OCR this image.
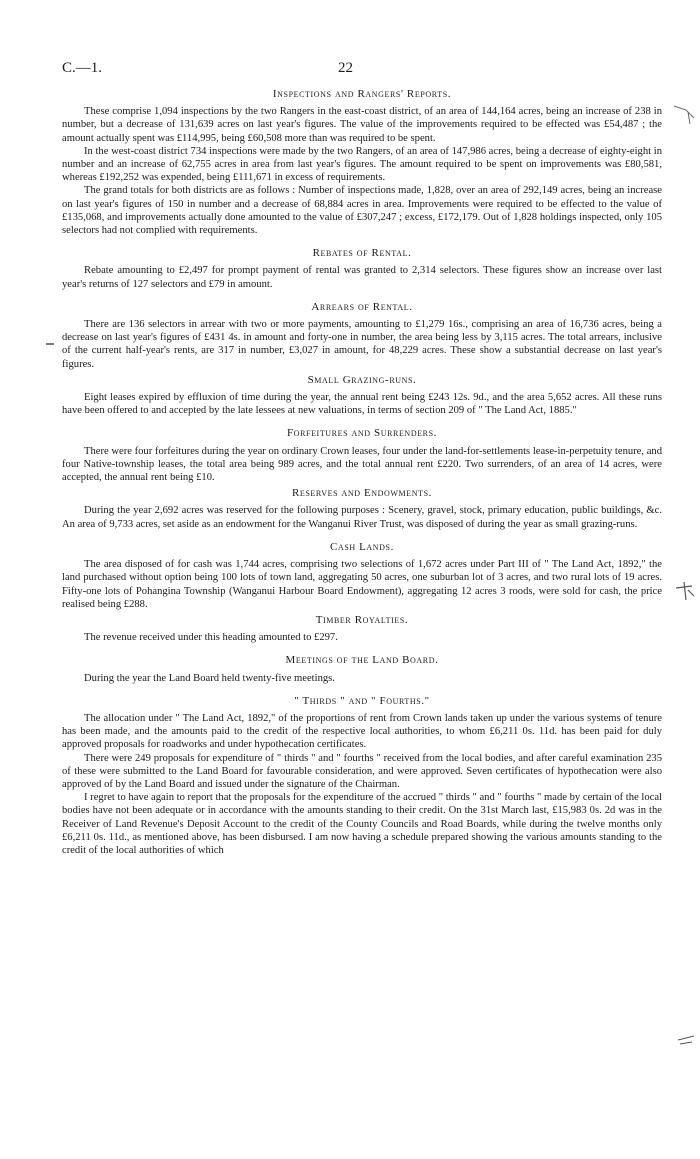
C.—1.	22
Inspections and Rangers' Reports.

These comprise 1,094 inspections by the two Rangers in the east-coast district, of an area of 144,164 acres, being an increase of 238 in number, but a decrease of 131,639 acres on last year's figures. The value of the improvements required to be effected was £54,487 ; the amount actually spent was £114,995, being £60,508 more than was required to be spent.

In the west-coast district 734 inspections were made by the two Rangers, of an area of 147,986 acres, being a decrease of eighty-eight in number and an increase of 62,755 acres in area from last year's figures. The amount required to be spent on improvements was £80,581, whereas £192,252 was expended, being £111,671 in excess of requirements.

The grand totals for both districts are as follows : Number of inspections made, 1,828, over an area of 292,149 acres, being an increase on last year's figures of 150 in number and a decrease of 68,884 acres in area. Improvements were required to be effected to the value of £135,068, and improvements actually done amounted to the value of £307,247 ; excess, £172,179. Out of 1,828 holdings inspected, only 105 selectors had not complied with requirements.

Rebates of Rental.

Rebate amounting to £2,497 for prompt payment of rental was granted to 2,314 selectors. These figures show an increase over last year's returns of 127 selectors and £79 in amount.

Arrears of Rental.

There are 136 selectors in arrear with two or more payments, amounting to £1,279 16s., comprising an area of 16,736 acres, being a decrease on last year's figures of £431 4s. in amount and forty-one in number, the area being less by 3,115 acres. The total arrears, inclusive of the current half-year's rents, are 317 in number, £3,027 in amount, for 48,229 acres. These show a substantial decrease on last year's figures.

Small Grazing-runs.

Eight leases expired by effluxion of time during the year, the annual rent being £243 12s. 9d., and the area 5,652 acres. All these runs have been offered to and accepted by the late lessees at new valuations, in terms of section 209 of " The Land Act, 1885."

Forfeitures and Surrenders.

There were four forfeitures during the year on ordinary Crown leases, four under the land-for-settlements lease-in-perpetuity tenure, and four Native-township leases, the total area being 989 acres, and the total annual rent £220. Two surrenders, of an area of 14 acres, were accepted, the annual rent being £10.

Reserves and Endowments.

During the year 2,692 acres was reserved for the following purposes : Scenery, gravel, stock, primary education, public buildings, &c. An area of 9,733 acres, set aside as an endowment for the Wanganui River Trust, was disposed of during the year as small grazing-runs.

Cash Lands.

The area disposed of for cash was 1,744 acres, comprising two selections of 1,672 acres under Part III of " The Land Act, 1892," the land purchased without option being 100 lots of town land, aggregating 50 acres, one suburban lot of 3 acres, and two rural lots of 19 acres. Fifty-one lots of Pohangina Township (Wanganui Harbour Board Endowment), aggregating 12 acres 3 roods, were sold for cash, the price realised being £288.

Timber Royalties.

The revenue received under this heading amounted to £297.

Meetings of the Land Board.

During the year the Land Board held twenty-five meetings.

" Thirds " and " Fourths."

The allocation under " The Land Act, 1892," of the proportions of rent from Crown lands taken up under the various systems of tenure has been made, and the amounts paid to the credit of the respective local authorities, to whom £6,211 0s. 11d. has been paid for duly approved proposals for roadworks and under hypothecation certificates.

There were 249 proposals for expenditure of " thirds " and " fourths " received from the local bodies, and after careful examination 235 of these were submitted to the Land Board for favourable consideration, and were approved. Seven certificates of hypothecation were also approved of by the Land Board and issued under the signature of the Chairman.

I regret to have again to report that the proposals for the expenditure of the accrued " thirds " and " fourths " made by certain of the local bodies have not been adequate or in accordance with the amounts standing to their credit. On the 31st March last, £15,983 0s. 2d was in the Receiver of Land Revenue's Deposit Account to the credit of the County Councils and Road Boards, while during the twelve months only £6,211 0s. 11d., as mentioned above, has been disbursed. I am now having a schedule prepared showing the various amounts standing to the credit of the local authorities of which
